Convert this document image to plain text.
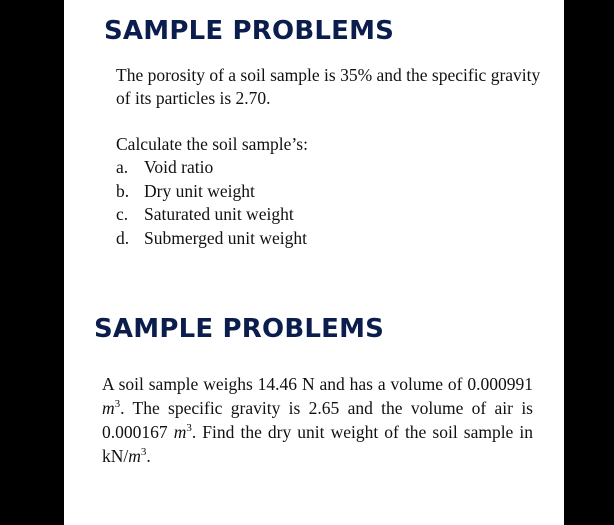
SAMPLE PROBLEMS

The porosity of a soil sample is 35% and the specific gravity of its particles is 2.70.

Calculate the soil sample’s:

a. Void ratio
b. Dry unit weight
c. Saturated unit weight
d. Submerged unit weight
SAMPLE PROBLEMS

A soil sample weighs 14.46 N and has a volume of 0.000991 $m^3$. The specific gravity is 2.65 and the volume of air is 0.000167 $m^3$. Find the dry unit weight of the soil sample in $kN/m^3$.
